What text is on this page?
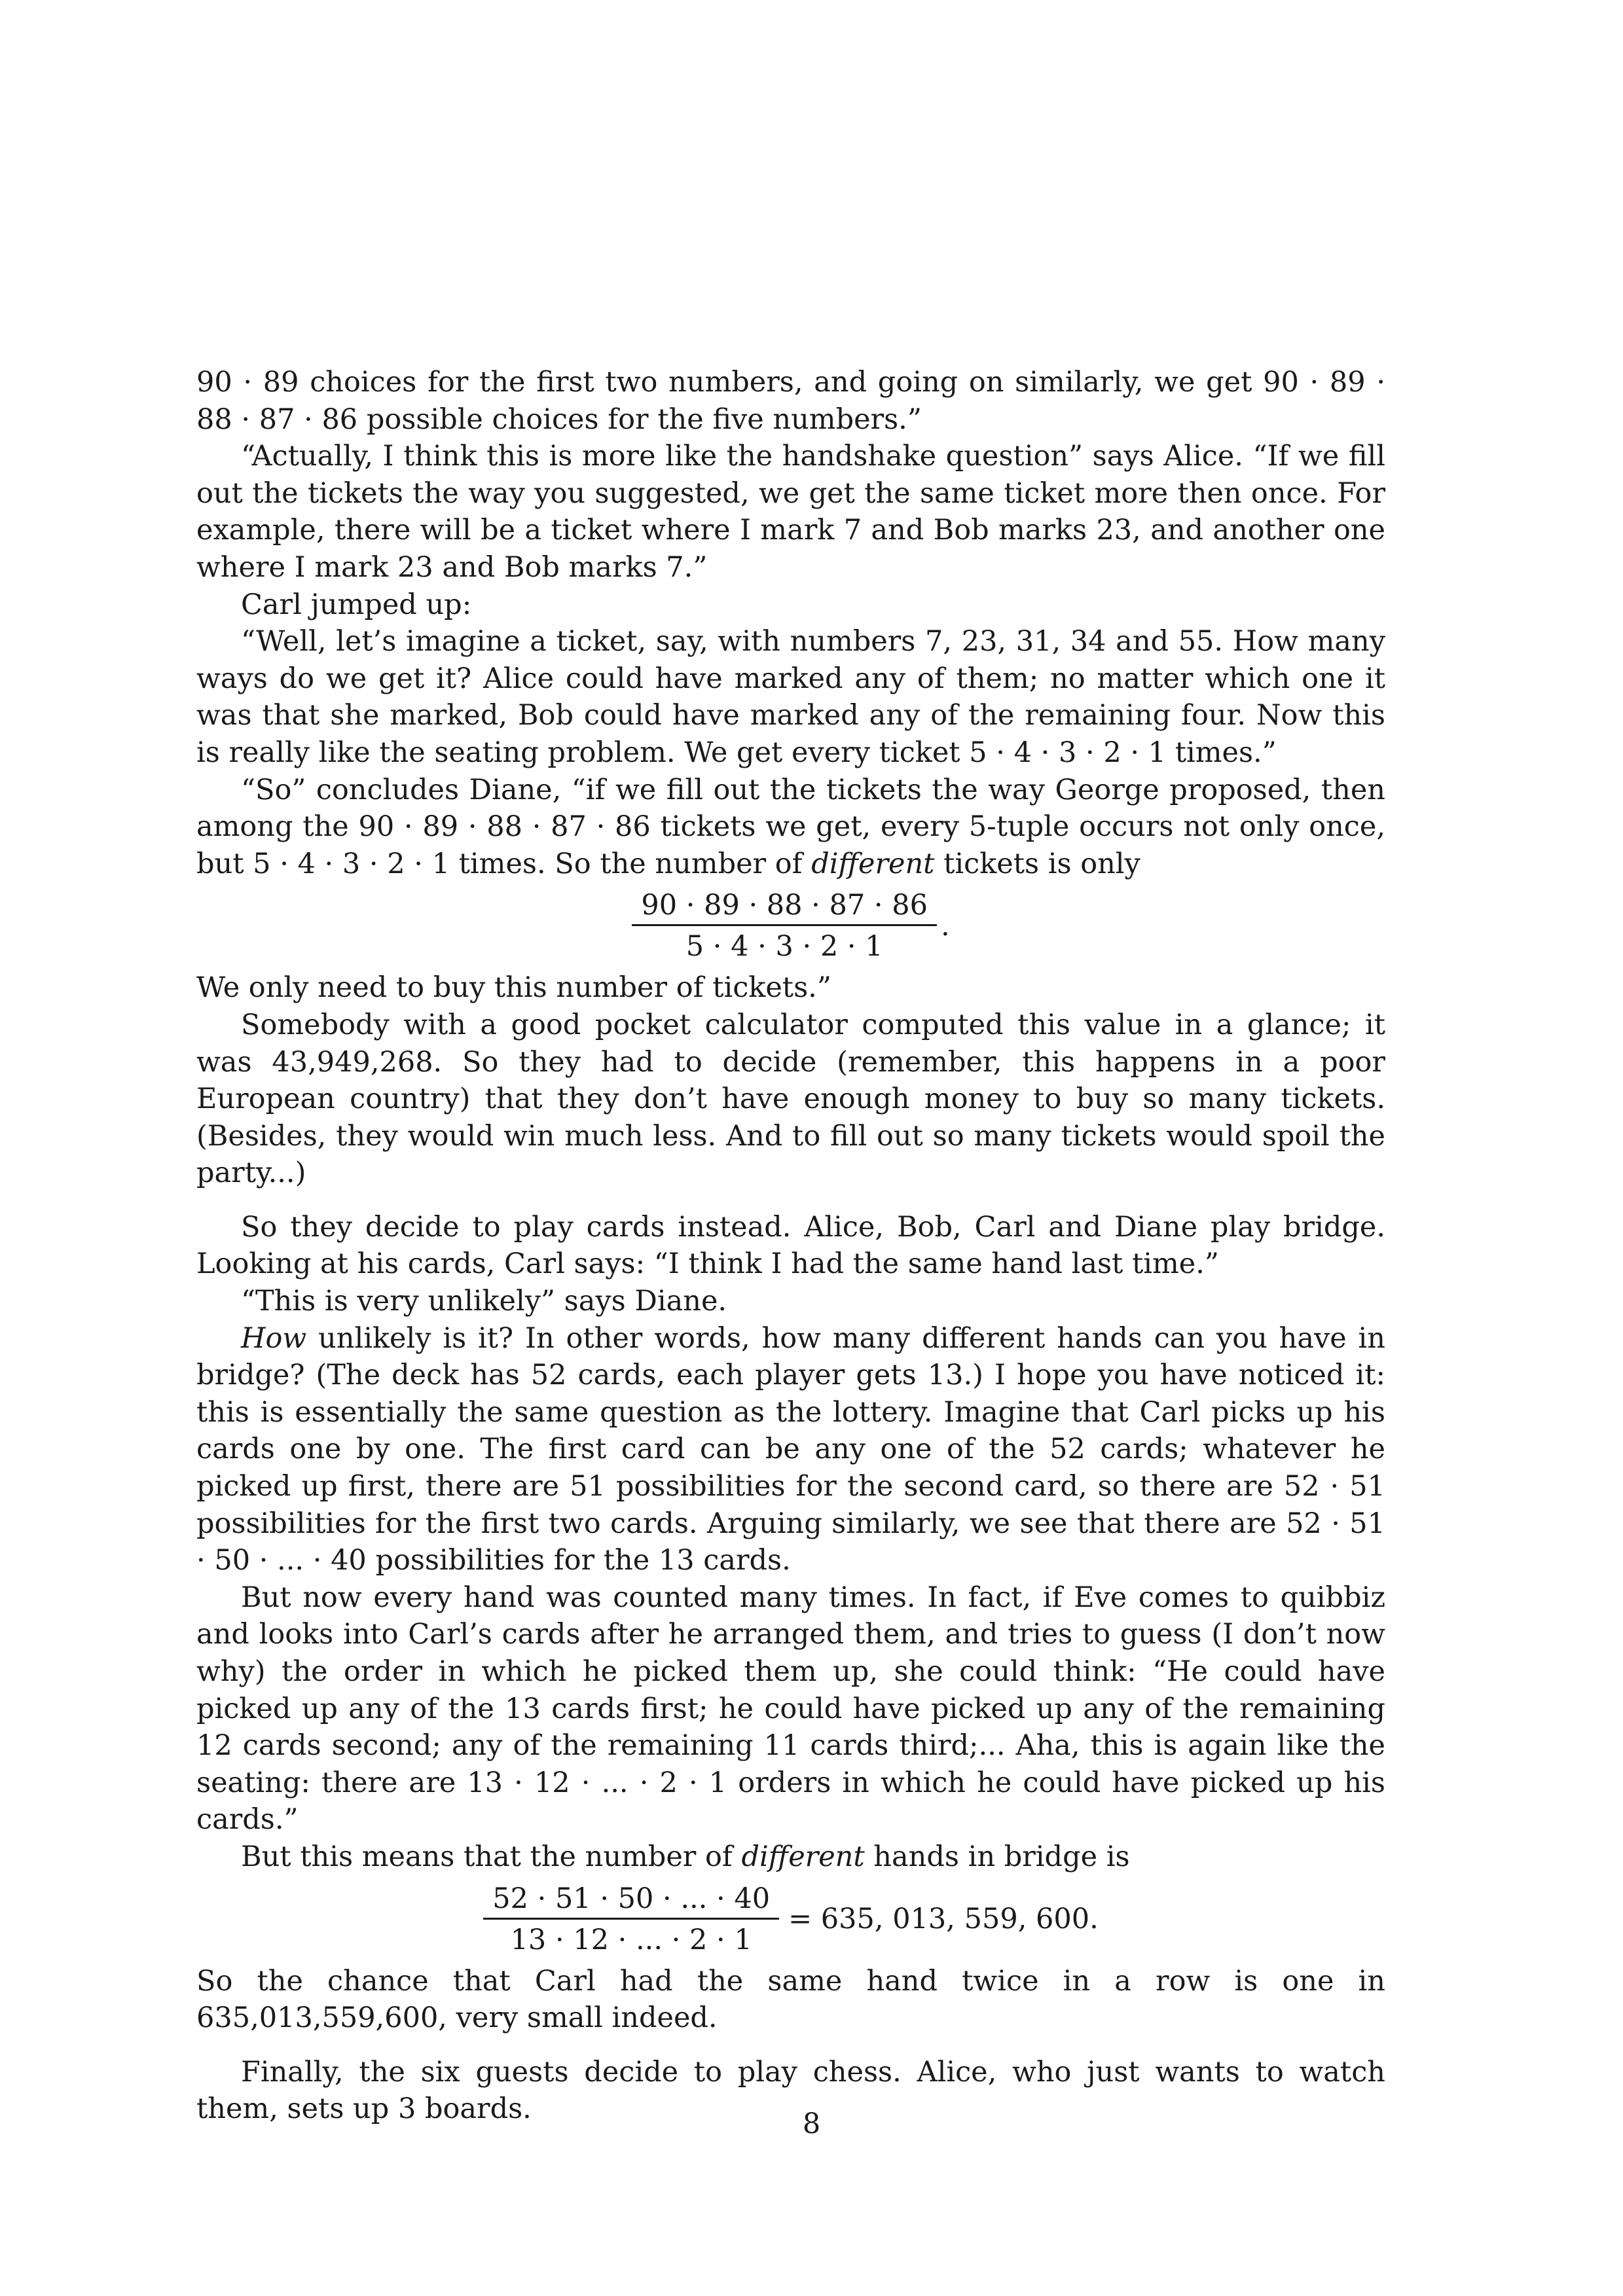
90 · 89 choices for the first two numbers, and going on similarly, we get 90 · 89 · 88 · 87 · 86 possible choices for the five numbers.”

“Actually, I think this is more like the handshake question” says Alice. “If we fill out the tickets the way you suggested, we get the same ticket more then once. For example, there will be a ticket where I mark 7 and Bob marks 23, and another one where I mark 23 and Bob marks 7.”

Carl jumped up:

“Well, let’s imagine a ticket, say, with numbers 7, 23, 31, 34 and 55. How many ways do we get it? Alice could have marked any of them; no matter which one it was that she marked, Bob could have marked any of the remaining four. Now this is really like the seating problem. We get every ticket 5 · 4 · 3 · 2 · 1 times.”

“So” concludes Diane, “if we fill out the tickets the way George proposed, then among the 90 · 89 · 88 · 87 · 86 tickets we get, every 5-tuple occurs not only once, but 5 · 4 · 3 · 2 · 1 times. So the number of different tickets is only

$\frac{90 \cdot 89 \cdot 88 \cdot 87 \cdot 86}{5 \cdot 4 \cdot 3 \cdot 2 \cdot 1}$ .

We only need to buy this number of tickets.”

Somebody with a good pocket calculator computed this value in a glance; it was 43,949,268. So they had to decide (remember, this happens in a poor European country) that they don’t have enough money to buy so many tickets. (Besides, they would win much less. And to fill out so many tickets would spoil the party...)

So they decide to play cards instead. Alice, Bob, Carl and Diane play bridge. Looking at his cards, Carl says: “I think I had the same hand last time.”

“This is very unlikely” says Diane.

How unlikely is it? In other words, how many different hands can you have in bridge? (The deck has 52 cards, each player gets 13.) I hope you have noticed it: this is essentially the same question as the lottery. Imagine that Carl picks up his cards one by one. The first card can be any one of the 52 cards; whatever he picked up first, there are 51 possibilities for the second card, so there are 52 · 51 possibilities for the first two cards. Arguing similarly, we see that there are 52 · 51 · 50 · ... · 40 possibilities for the 13 cards.

But now every hand was counted many times. In fact, if Eve comes to quibbiz and looks into Carl’s cards after he arranged them, and tries to guess (I don’t now why) the order in which he picked them up, she could think: “He could have picked up any of the 13 cards first; he could have picked up any of the remaining 12 cards second; any of the remaining 11 cards third;... Aha, this is again like the seating: there are 13 · 12 · ... · 2 · 1 orders in which he could have picked up his cards.”

But this means that the number of different hands in bridge is

$\frac{52 \cdot 51 \cdot 50 \cdot ... \cdot 40}{13 \cdot 12 \cdot ... \cdot 2 \cdot 1} = 635$, 013, 559, 600.

So the chance that Carl had the same hand twice in a row is one in 635,013,559,600, very small indeed.

Finally, the six guests decide to play chess. Alice, who just wants to watch them, sets up 3 boards.	8
